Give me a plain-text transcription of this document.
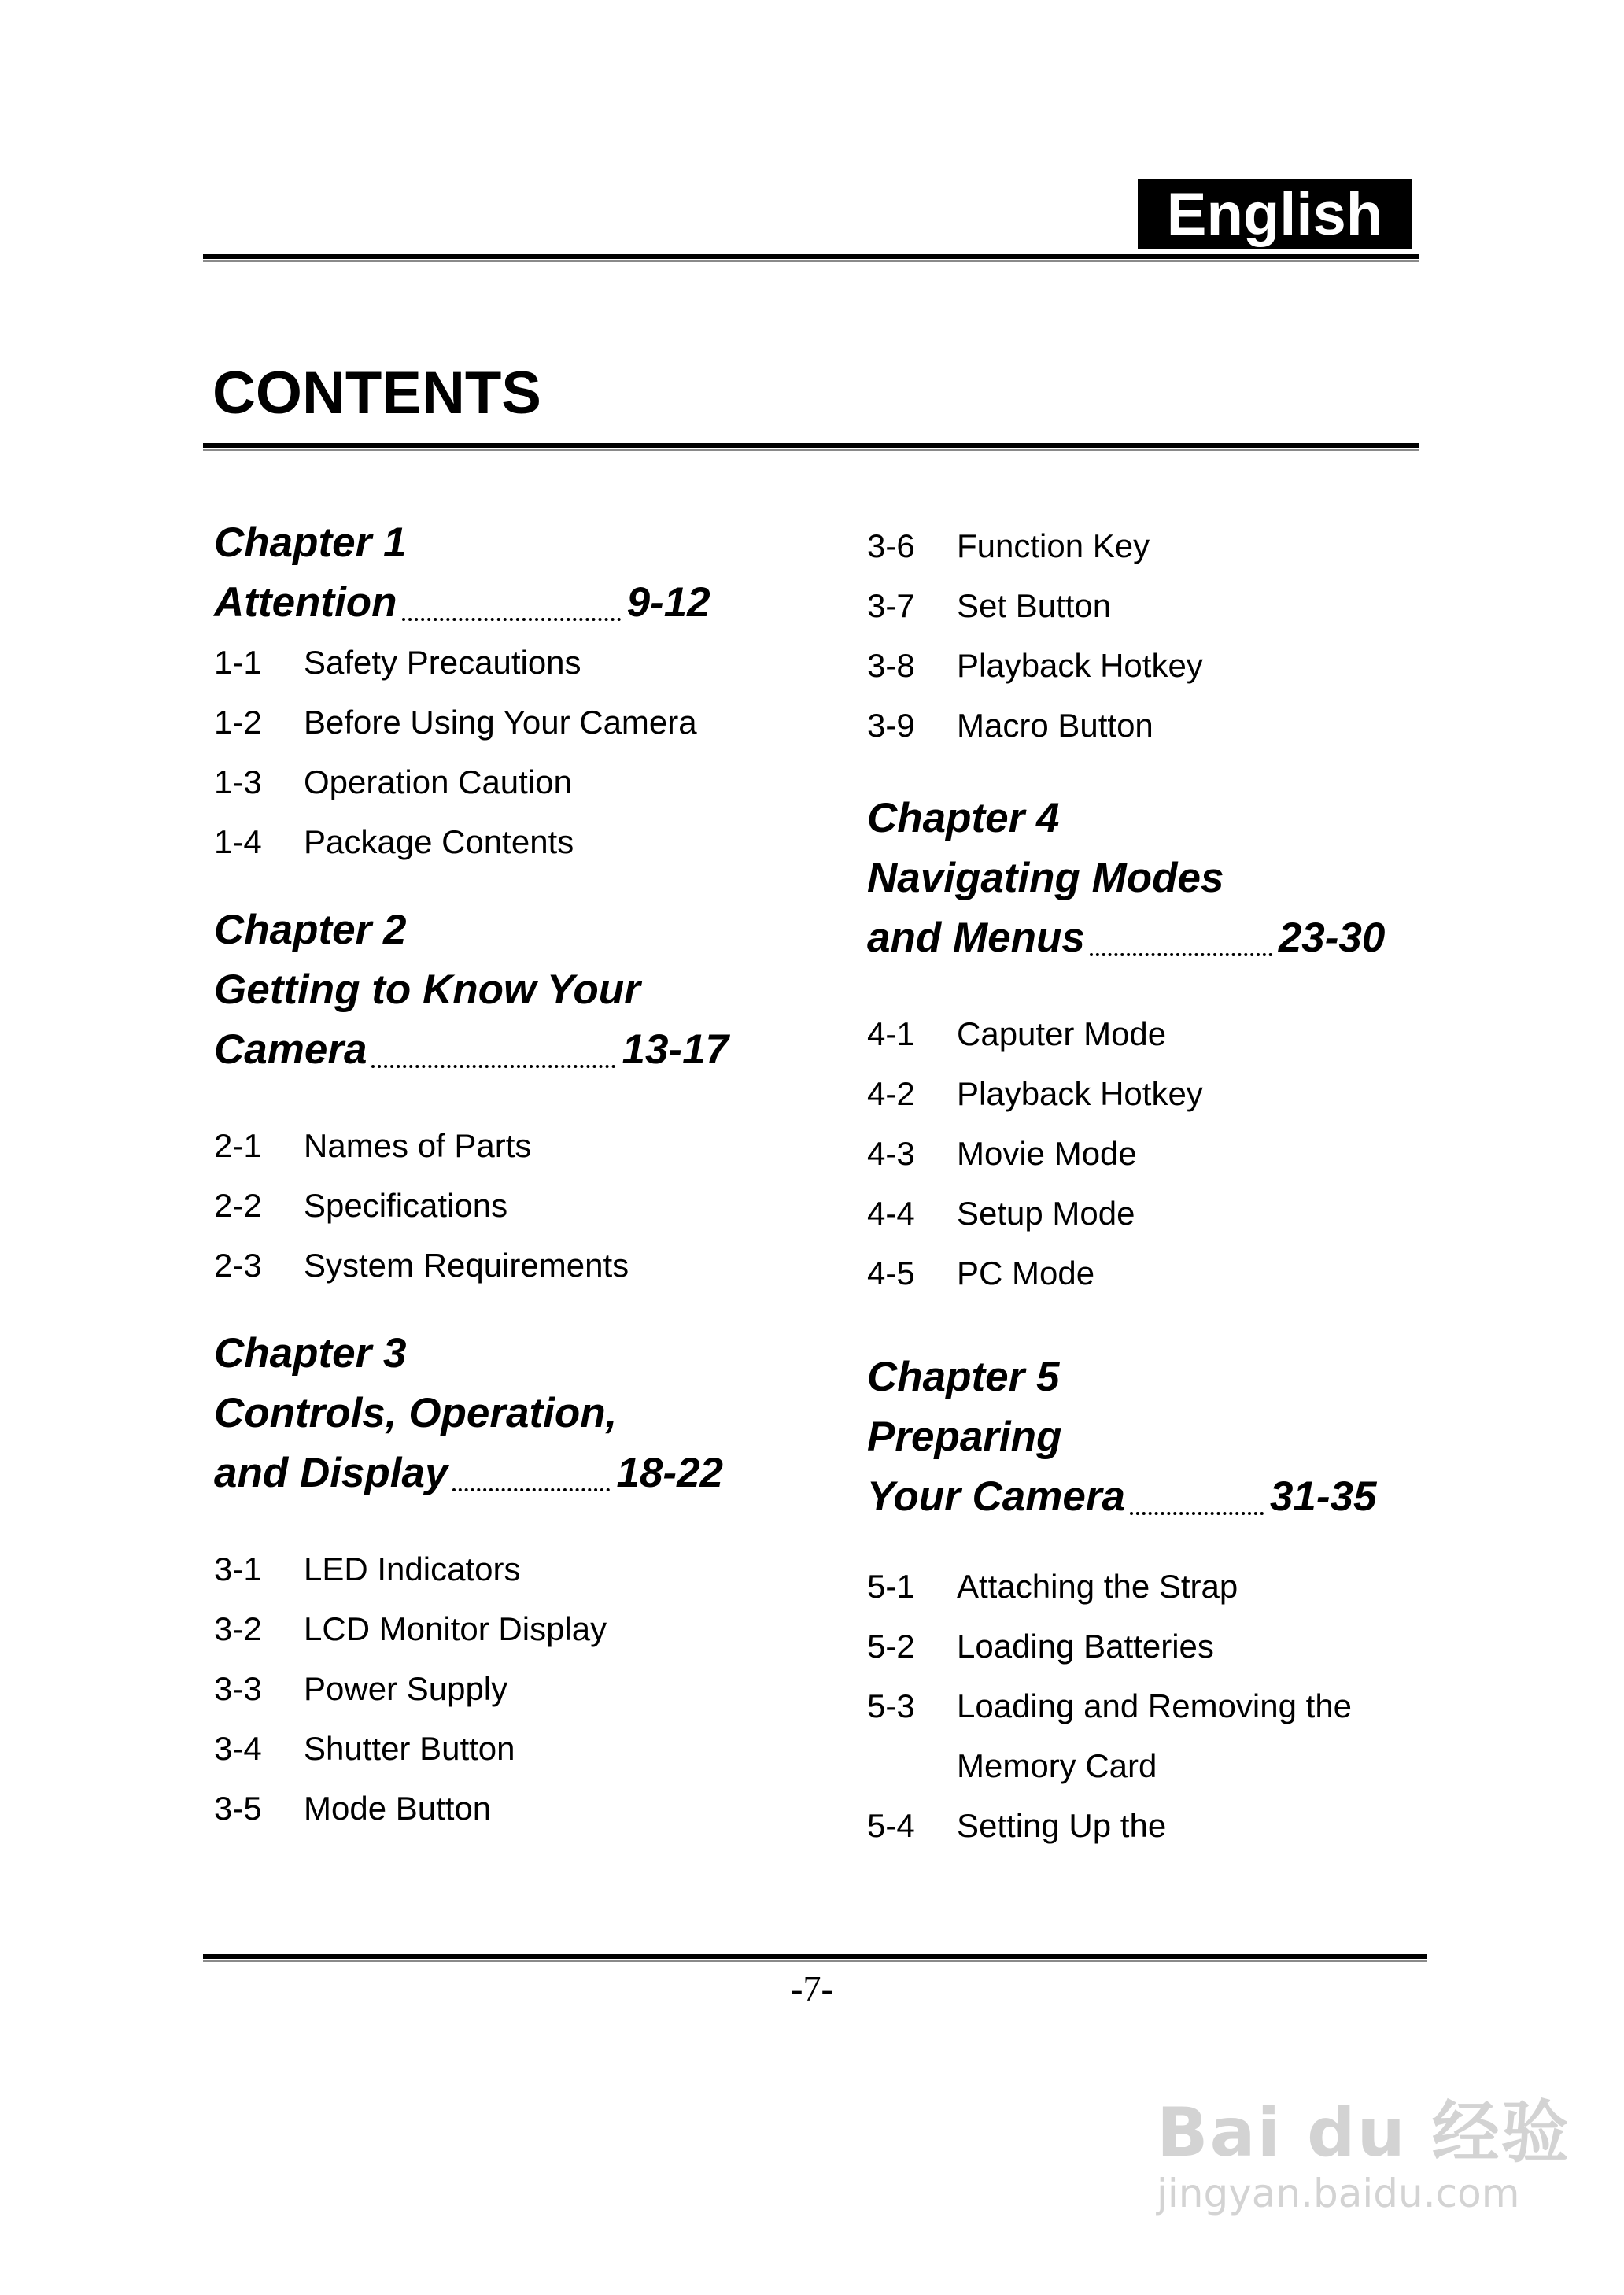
English
CONTENTS
Chapter 1
Attention	9-12
1-1	Safety Precautions
1-2	Before Using Your Camera
1-3	Operation Caution
1-4	Package Contents
Chapter 2
Getting to Know Your
Camera	13-17
2-1	Names of Parts
2-2	Specifications
2-3	System Requirements
Chapter 3
Controls, Operation,
and Display	18-22
3-1	LED Indicators
3-2	LCD Monitor Display
3-3	Power Supply
3-4	Shutter Button
3-5	Mode Button
3-6	Function Key
3-7	Set Button
3-8	Playback Hotkey
3-9	Macro Button
Chapter 4
Navigating Modes
and Menus	23-30
4-1	Caputer Mode
4-2	Playback Hotkey
4-3	Movie Mode
4-4	Setup Mode
4-5	PC Mode
Chapter 5
Preparing
Your Camera	31-35
5-1	Attaching the Strap
5-2	Loading Batteries
5-3	Loading and Removing the
Memory Card
5-4	Setting Up the
-7-
Bai du 经验
jingyan.baidu.com
